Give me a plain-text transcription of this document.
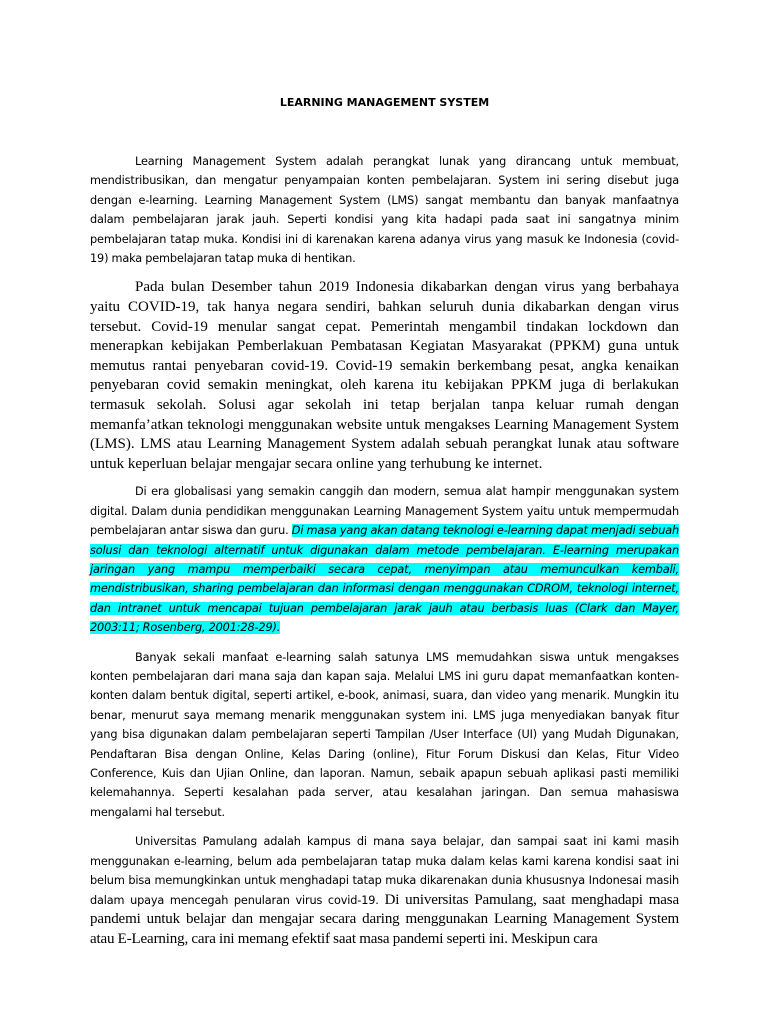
LEARNING MANAGEMENT SYSTEM

Learning Management System adalah perangkat lunak yang dirancang untuk membuat, mendistribusikan, dan mengatur penyampaian konten pembelajaran. System ini sering disebut juga dengan e-learning. Learning Management System (LMS) sangat membantu dan banyak manfaatnya dalam pembelajaran jarak jauh. Seperti kondisi yang kita hadapi pada saat ini sangatnya minim pembelajaran tatap muka. Kondisi ini di karenakan karena adanya virus yang masuk ke Indonesia (covid-19) maka pembelajaran tatap muka di hentikan.

Pada bulan Desember tahun 2019 Indonesia dikabarkan dengan virus yang berbahaya yaitu COVID-19, tak hanya negara sendiri, bahkan seluruh dunia dikabarkan dengan virus tersebut. Covid-19 menular sangat cepat. Pemerintah mengambil tindakan lockdown dan menerapkan kebijakan Pemberlakuan Pembatasan Kegiatan Masyarakat (PPKM) guna untuk memutus rantai penyebaran covid-19. Covid-19 semakin berkembang pesat, angka kenaikan penyebaran covid semakin meningkat, oleh karena itu kebijakan PPKM juga di berlakukan termasuk sekolah. Solusi agar sekolah ini tetap berjalan tanpa keluar rumah dengan memanfa’atkan teknologi menggunakan website untuk mengakses Learning Management System (LMS). LMS atau Learning Management System adalah sebuah perangkat lunak atau software untuk keperluan belajar mengajar secara online yang terhubung ke internet.

Di era globalisasi yang semakin canggih dan modern, semua alat hampir menggunakan system digital. Dalam dunia pendidikan menggunakan Learning Management System yaitu untuk mempermudah pembelajaran antar siswa dan guru. Di masa yang akan datang teknologi e-learning dapat menjadi sebuah solusi dan teknologi alternatif untuk digunakan dalam metode pembelajaran. E-learning merupakan jaringan yang mampu memperbaiki secara cepat, menyimpan atau memunculkan kembali, mendistribusikan, sharing pembelajaran dan informasi dengan menggunakan CDROM, teknologi internet, dan intranet untuk mencapai tujuan pembelajaran jarak jauh atau berbasis luas (Clark dan Mayer, 2003:11; Rosenberg, 2001:28-29).

Banyak sekali manfaat e-learning salah satunya LMS memudahkan siswa untuk mengakses konten pembelajaran dari mana saja dan kapan saja. Melalui LMS ini guru dapat memanfaatkan konten-konten dalam bentuk digital, seperti artikel, e-book, animasi, suara, dan video yang menarik. Mungkin itu benar, menurut saya memang menarik menggunakan system ini. LMS juga menyediakan banyak fitur yang bisa digunakan dalam pembelajaran seperti Tampilan /User Interface (UI) yang Mudah Digunakan, Pendaftaran Bisa dengan Online, Kelas Daring (online), Fitur Forum Diskusi dan Kelas, Fitur Video Conference, Kuis dan Ujian Online, dan laporan. Namun, sebaik apapun sebuah aplikasi pasti memiliki kelemahannya. Seperti kesalahan pada server, atau kesalahan jaringan. Dan semua mahasiswa mengalami hal tersebut.

Universitas Pamulang adalah kampus di mana saya belajar, dan sampai saat ini kami masih menggunakan e-learning, belum ada pembelajaran tatap muka dalam kelas kami karena kondisi saat ini belum bisa memungkinkan untuk menghadapi tatap muka dikarenakan dunia khususnya Indonesai masih dalam upaya mencegah penularan virus covid-19. Di universitas Pamulang, saat menghadapi masa pandemi untuk belajar dan mengajar secara daring menggunakan Learning Management System atau E-Learning, cara ini memang efektif saat masa pandemi seperti ini. Meskipun cara
